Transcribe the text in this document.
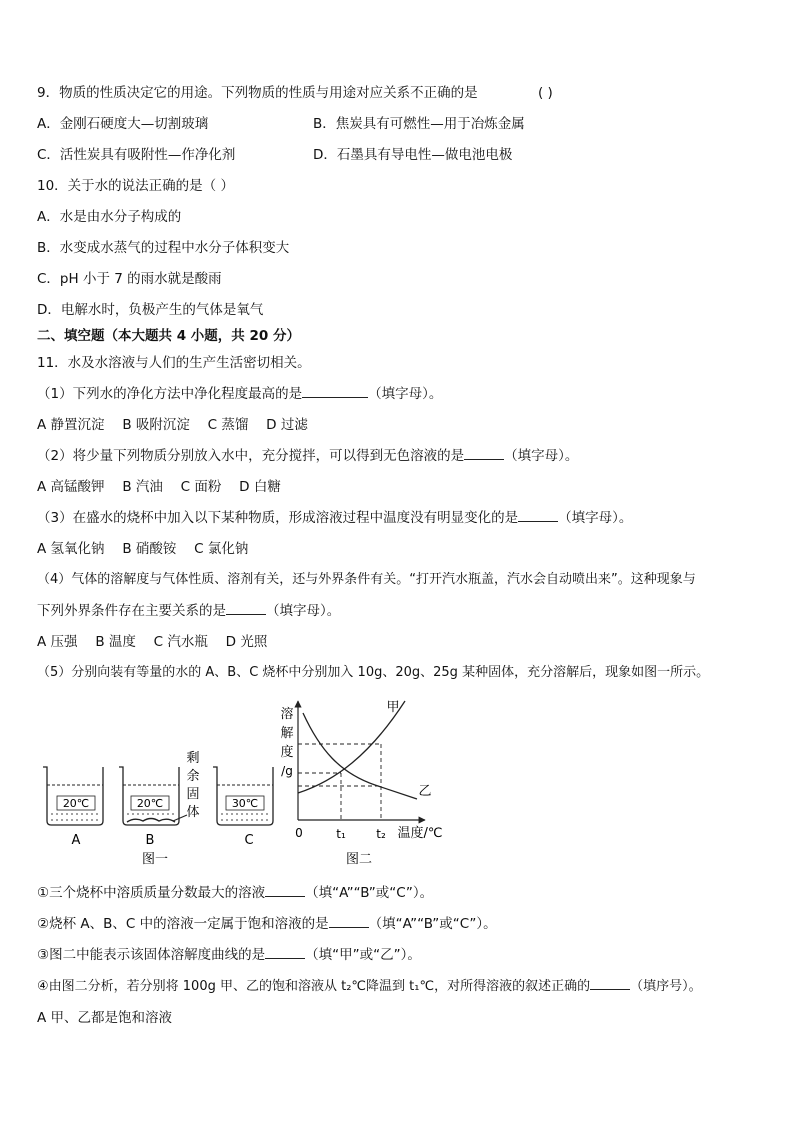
9．物质的性质决定它的用途。下列物质的性质与用途对应关系不正确的是	( )
A．金刚石硬度大—切割玻璃	B．焦炭具有可燃性—用于冶炼金属
C．活性炭具有吸附性—作净化剂	D．石墨具有导电性—做电池电极
10．关于水的说法正确的是（ ）
A．水是由水分子构成的
B．水变成水蒸气的过程中水分子体积变大
C．pH 小于 7 的雨水就是酸雨
D．电解水时，负极产生的气体是氧气
二、填空题（本大题共 4 小题，共 20 分）
11．水及水溶液与人们的生产生活密切相关。
（1）下列水的净化方法中净化程度最高的是	（填字母）。
A 静置沉淀　 B 吸附沉淀　 C 蒸馏　 D 过滤
（2）将少量下列物质分别放入水中，充分搅拌，可以得到无色溶液的是	（填字母）。
A 高锰酸钾　 B 汽油　 C 面粉　 D 白糖
（3）在盛水的烧杯中加入以下某种物质，形成溶液过程中温度没有明显变化的是	（填字母）。
A 氢氧化钠　 B 硝酸铵　 C 氯化钠
（4）气体的溶解度与气体性质、溶剂有关，还与外界条件有关。“打开汽水瓶盖，汽水会自动喷出来”。这种现象与
下列外界条件存在主要关系的是	（填字母）。
A 压强　 B 温度　 C 汽水瓶　 D 光照
（5）分别向装有等量的水的 A、B、C 烧杯中分别加入 10g、20g、25g 某种固体，充分溶解后，现象如图一所示。
20℃
A
20℃
B
剩
余
固
体
30℃
C
图一
溶
解
度
/g
甲
乙
0	t₁	t₂ 温度/℃
图二
①三个烧杯中溶质质量分数最大的溶液	（填“A”“B”或“C”）。
②烧杯 A、B、C 中的溶液一定属于饱和溶液的是	（填“A”“B”或“C”）。
③图二中能表示该固体溶解度曲线的是	（填“甲”或“乙”）。
④由图二分析，若分别将 100g 甲、乙的饱和溶液从 t₂℃降温到 t₁℃，对所得溶液的叙述正确的	（填序号）。
A 甲、乙都是饱和溶液
